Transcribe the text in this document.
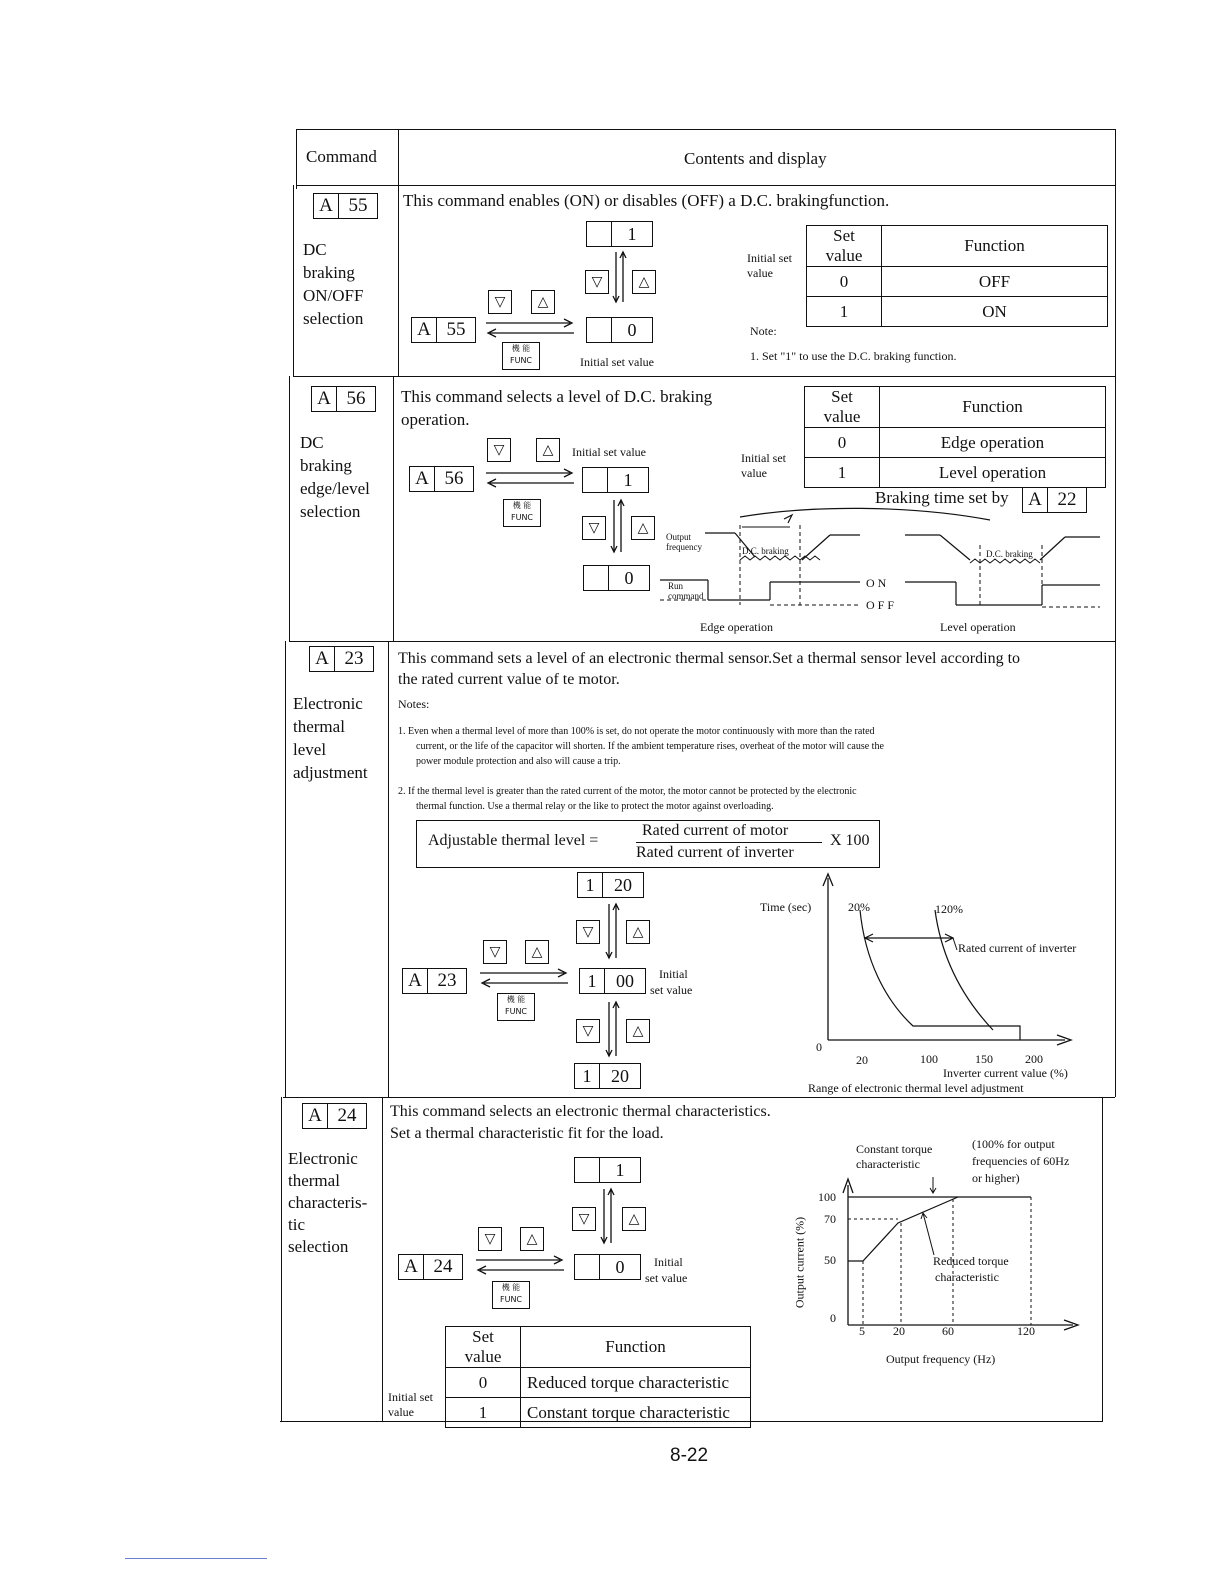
Command	Contents and display
A 55
DC
braking
ON/OFF
selection
This command enables (ON) or disables (OFF) a D.C. brakingfunction.
1
▽	△
▽	△
A 55	0
機 能
FUNC	Initial set value
Initial set
value
Set value	Function
0	OFF
1	ON
Note:
1. Set "1" to use the D.C. braking function.
A 56
DC
braking
edge/level
selection
This command selects a level of D.C. braking
operation.
▽	△	Initial set value
A 56	1
機 能
FUNC
▽	△
0
Initial set
value
Set value	Function
0	Edge operation
1	Level operation
Braking time set by A 22
Output
frequency
Run
command
D.C. braking	D.C. braking
O N
O F F
Edge operation	Level operation
A 23
Electronic
thermal
level
adjustment
This command sets a level of an electronic thermal sensor.Set a thermal sensor level according to
the rated current value of te motor.
Notes:
1. Even when a thermal level of more than 100% is set, do not operate the motor continuously with more than the rated
current, or the life of the capacitor will shorten. If the ambient temperature rises, overheat of the motor will cause the
power module protection and also will cause a trip.
2. If the thermal level is greater than the rated current of the motor, the motor cannot be protected by the electronic
thermal function. Use a thermal relay or the like to protect the motor against overloading.
Adjustable thermal level =
Rated current of motor
Rated current of inverter
X 100
1	20
▽	△
▽	△
A 23	1	00	Initial
set value
機 能
FUNC
▽	△
1	20
Time (sec)	20%	120%
Rated current of inverter
0
20	100	150	200
Inverter current value (%)
Range of electronic thermal level adjustment
A 24
Electronic
thermal
characteris-
tic
selection
This command selects an electronic thermal characteristics.
Set a thermal characteristic fit for the load.
1
▽	△
▽	△
A 24	0	Initial
set value
機 能
FUNC
Set value	Function
0	Reduced torque characteristic
1	Constant torque characteristic
Initial set
value
Constant torque
characteristic
(100% for output
frequencies of 60Hz
or higher)
Output current (%)
100
70
50
0
5 20	60	120
Reduced torque
characteristic
Output frequency (Hz)
8-22
